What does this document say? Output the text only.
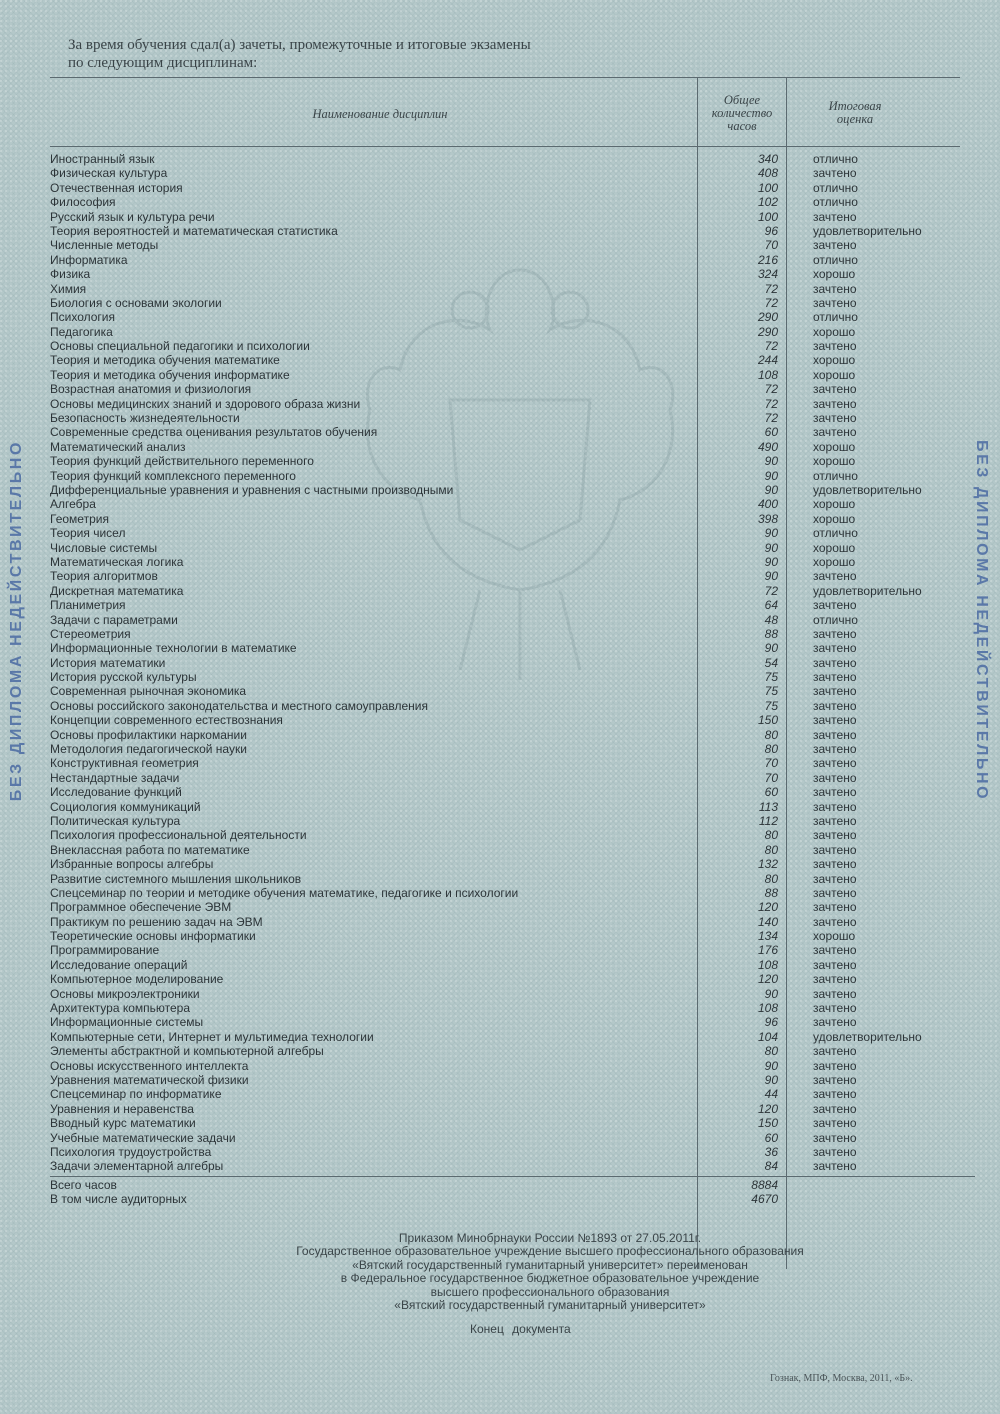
БЕЗ ДИПЛОМА НЕДЕЙСТВИТЕЛЬНО	БЕЗ ДИПЛОМА НЕДЕЙСТВИТЕЛЬНО
За время обучения сдал(а) зачеты, промежуточные и итоговые экзамены
по следующим дисциплинам:
Наименование дисциплин
Общее количество часов
Итоговая оценка
Иностранный язык	340	отлично
Физическая культура	408	зачтено
Отечественная история	100	отлично
Философия	102	отлично
Русский язык и культура речи	100	зачтено
Теория вероятностей и математическая статистика	96	удовлетворительно
Численные методы	70	зачтено
Информатика	216	отлично
Физика	324	хорошо
Химия	72	зачтено
Биология с основами экологии	72	зачтено
Психология	290	отлично
Педагогика	290	хорошо
Основы специальной педагогики и психологии	72	зачтено
Теория и методика обучения математике	244	хорошо
Теория и методика обучения информатике	108	хорошо
Возрастная анатомия и физиология	72	зачтено
Основы медицинских знаний и здорового образа жизни	72	зачтено
Безопасность жизнедеятельности	72	зачтено
Современные средства оценивания результатов обучения	60	зачтено
Математический анализ	490	хорошо
Теория функций действительного переменного	90	хорошо
Теория функций комплексного переменного	90	отлично
Дифференциальные уравнения и уравнения с частными производными	90	удовлетворительно
Алгебра	400	хорошо
Геометрия	398	хорошо
Теория чисел	90	отлично
Числовые системы	90	хорошо
Математическая логика	90	хорошо
Теория алгоритмов	90	зачтено
Дискретная математика	72	удовлетворительно
Планиметрия	64	зачтено
Задачи с параметрами	48	отлично
Стереометрия	88	зачтено
Информационные технологии в математике	90	зачтено
История математики	54	зачтено
История русской культуры	75	зачтено
Современная рыночная экономика	75	зачтено
Основы российского законодательства и местного самоуправления	75	зачтено
Концепции современного естествознания	150	зачтено
Основы профилактики наркомании	80	зачтено
Методология педагогической науки	80	зачтено
Конструктивная геометрия	70	зачтено
Нестандартные задачи	70	зачтено
Исследование функций	60	зачтено
Социология коммуникаций	113	зачтено
Политическая культура	112	зачтено
Психология профессиональной деятельности	80	зачтено
Внеклассная работа по математике	80	зачтено
Избранные вопросы алгебры	132	зачтено
Развитие системного мышления школьников	80	зачтено
Спецсеминар по теории и методике обучения математике, педагогике и психологии	88	зачтено
Программное обеспечение ЭВМ	120	зачтено
Практикум по решению задач на ЭВМ	140	зачтено
Теоретические основы информатики	134	хорошо
Программирование	176	зачтено
Исследование операций	108	зачтено
Компьютерное моделирование	120	зачтено
Основы микроэлектроники	90	зачтено
Архитектура компьютера	108	зачтено
Информационные системы	96	зачтено
Компьютерные сети, Интернет и мультимедиа технологии	104	удовлетворительно
Элементы абстрактной и компьютерной алгебры	80	зачтено
Основы искусственного интеллекта	90	зачтено
Уравнения математической физики	90	зачтено
Спецсеминар по информатике	44	зачтено
Уравнения и неравенства	120	зачтено
Вводный курс математики	150	зачтено
Учебные математические задачи	60	зачтено
Психология трудоустройства	36	зачтено
Задачи элементарной алгебры	84	зачтено
Всего часов	8884
В том числе аудиторных	4670
Приказом Минобрнауки России №1893 от 27.05.2011г.
Государственное образовательное учреждение высшего профессионального образования
«Вятский государственный гуманитарный университет» переименован
в Федеральное государственное бюджетное образовательное учреждение
высшего профессионального образования
«Вятский государственный гуманитарный университет»
Конец документа
Гознак, МПФ, Москва, 2011, «Б».
